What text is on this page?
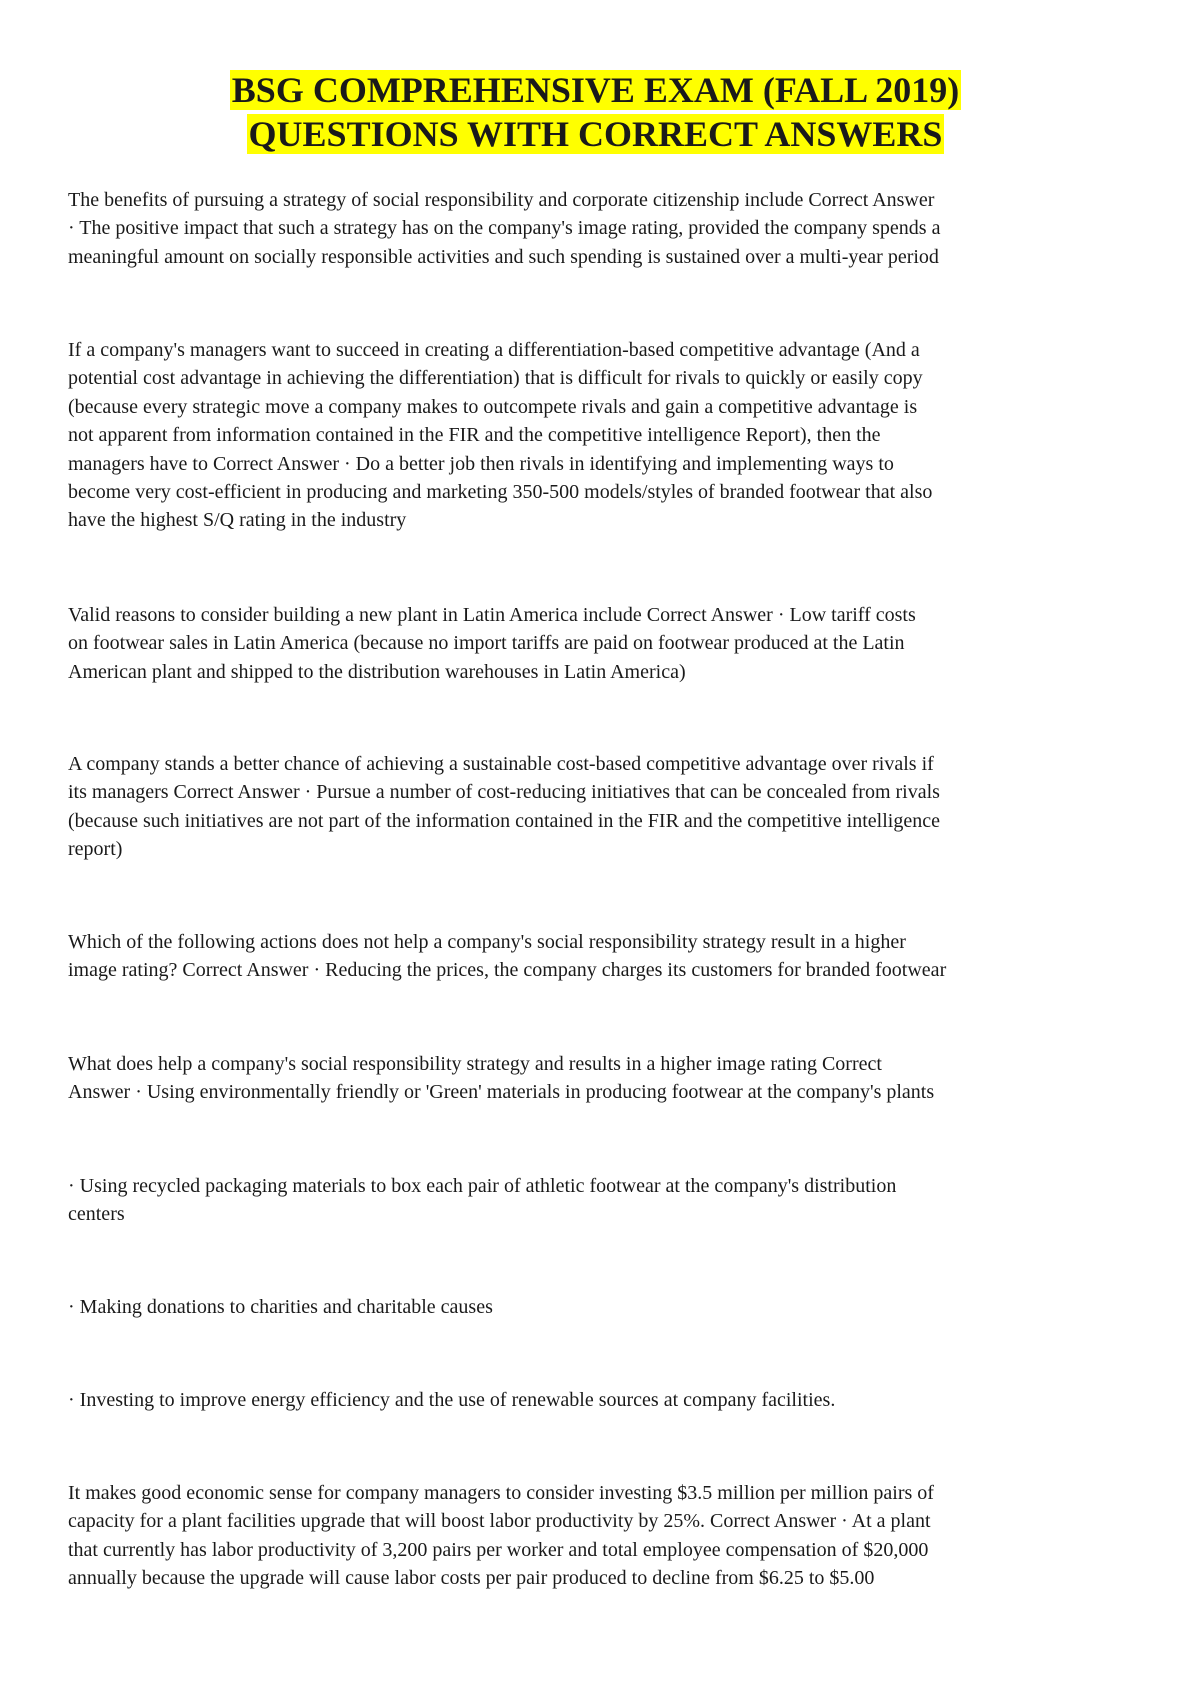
BSG COMPREHENSIVE EXAM (FALL 2019)
QUESTIONS WITH CORRECT ANSWERS

The benefits of pursuing a strategy of social responsibility and corporate citizenship include Correct Answer
· The positive impact that such a strategy has on the company's image rating, provided the company spends a
meaningful amount on socially responsible activities and such spending is sustained over a multi-year period

If a company's managers want to succeed in creating a differentiation-based competitive advantage (And a
potential cost advantage in achieving the differentiation) that is difficult for rivals to quickly or easily copy
(because every strategic move a company makes to outcompete rivals and gain a competitive advantage is
not apparent from information contained in the FIR and the competitive intelligence Report), then the
managers have to Correct Answer · Do a better job then rivals in identifying and implementing ways to
become very cost-efficient in producing and marketing 350-500 models/styles of branded footwear that also
have the highest S/Q rating in the industry

Valid reasons to consider building a new plant in Latin America include Correct Answer · Low tariff costs
on footwear sales in Latin America (because no import tariffs are paid on footwear produced at the Latin
American plant and shipped to the distribution warehouses in Latin America)

A company stands a better chance of achieving a sustainable cost-based competitive advantage over rivals if
its managers Correct Answer · Pursue a number of cost-reducing initiatives that can be concealed from rivals
(because such initiatives are not part of the information contained in the FIR and the competitive intelligence
report)

Which of the following actions does not help a company's social responsibility strategy result in a higher
image rating? Correct Answer · Reducing the prices, the company charges its customers for branded footwear

What does help a company's social responsibility strategy and results in a higher image rating Correct
Answer · Using environmentally friendly or 'Green' materials in producing footwear at the company's plants

· Using recycled packaging materials to box each pair of athletic footwear at the company's distribution
centers

· Making donations to charities and charitable causes

· Investing to improve energy efficiency and the use of renewable sources at company facilities.

It makes good economic sense for company managers to consider investing $3.5 million per million pairs of
capacity for a plant facilities upgrade that will boost labor productivity by 25%. Correct Answer · At a plant
that currently has labor productivity of 3,200 pairs per worker and total employee compensation of $20,000
annually because the upgrade will cause labor costs per pair produced to decline from $6.25 to $5.00
